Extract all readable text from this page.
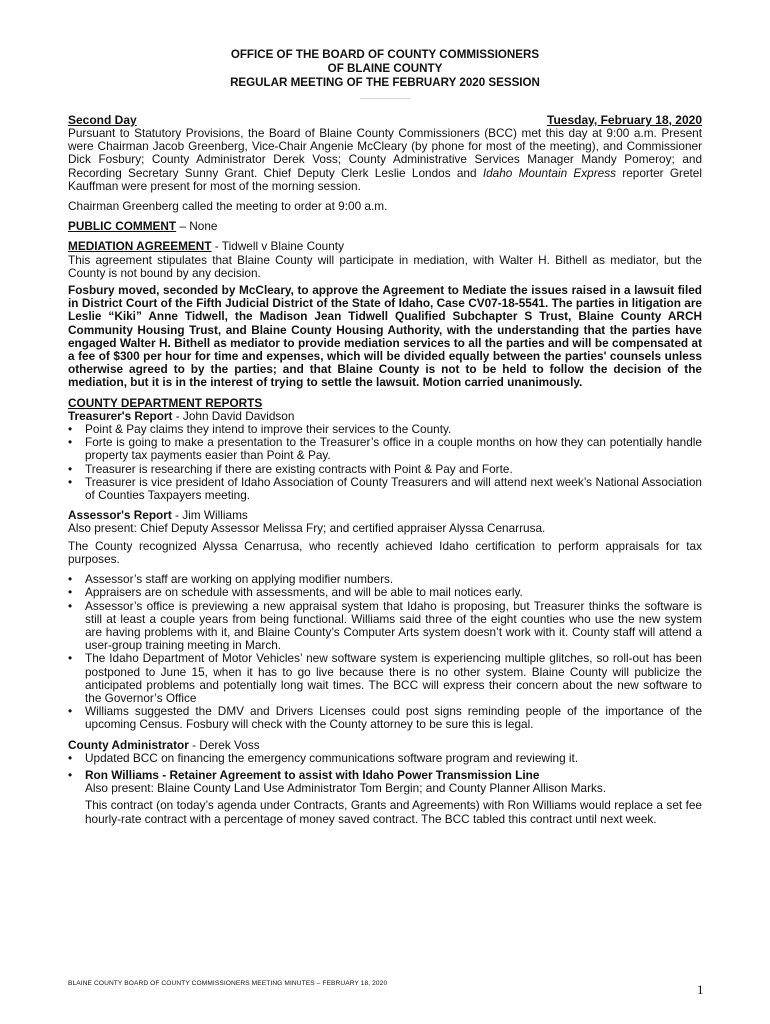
OFFICE OF THE BOARD OF COUNTY COMMISSIONERS
OF BLAINE COUNTY
REGULAR MEETING OF THE FEBRUARY 2020 SESSION
Second Day	Tuesday, February 18, 2020

Pursuant to Statutory Provisions, the Board of Blaine County Commissioners (BCC) met this day at 9:00 a.m. Present were Chairman Jacob Greenberg, Vice-Chair Angenie McCleary (by phone for most of the meeting), and Commissioner Dick Fosbury; County Administrator Derek Voss; County Administrative Services Manager Mandy Pomeroy; and Recording Secretary Sunny Grant. Chief Deputy Clerk Leslie Londos and Idaho Mountain Express reporter Gretel Kauffman were present for most of the morning session.

Chairman Greenberg called the meeting to order at 9:00 a.m.

PUBLIC COMMENT – None

MEDIATION AGREEMENT - Tidwell v Blaine County

This agreement stipulates that Blaine County will participate in mediation, with Walter H. Bithell as mediator, but the County is not bound by any decision.

Fosbury moved, seconded by McCleary, to approve the Agreement to Mediate the issues raised in a lawsuit filed in District Court of the Fifth Judicial District of the State of Idaho, Case CV07-18-5541. The parties in litigation are Leslie “Kiki” Anne Tidwell, the Madison Jean Tidwell Qualified Subchapter S Trust, Blaine County ARCH Community Housing Trust, and Blaine County Housing Authority, with the understanding that the parties have engaged Walter H. Bithell as mediator to provide mediation services to all the parties and will be compensated at a fee of $300 per hour for time and expenses, which will be divided equally between the parties' counsels unless otherwise agreed to by the parties; and that Blaine County is not to be held to follow the decision of the mediation, but it is in the interest of trying to settle the lawsuit. Motion carried unanimously.

COUNTY DEPARTMENT REPORTS

Treasurer's Report - John David Davidson

• Point & Pay claims they intend to improve their services to the County.
• Forte is going to make a presentation to the Treasurer’s office in a couple months on how they can potentially handle property tax payments easier than Point & Pay.
• Treasurer is researching if there are existing contracts with Point & Pay and Forte.
• Treasurer is vice president of Idaho Association of County Treasurers and will attend next week’s National Association of Counties Taxpayers meeting.

Assessor's Report - Jim Williams

Also present: Chief Deputy Assessor Melissa Fry; and certified appraiser Alyssa Cenarrusa.

The County recognized Alyssa Cenarrusa, who recently achieved Idaho certification to perform appraisals for tax purposes.

• Assessor’s staff are working on applying modifier numbers.
• Appraisers are on schedule with assessments, and will be able to mail notices early.
• Assessor’s office is previewing a new appraisal system that Idaho is proposing, but Treasurer thinks the software is still at least a couple years from being functional. Williams said three of the eight counties who use the new system are having problems with it, and Blaine County’s Computer Arts system doesn’t work with it. County staff will attend a user-group training meeting in March.
• The Idaho Department of Motor Vehicles’ new software system is experiencing multiple glitches, so roll-out has been postponed to June 15, when it has to go live because there is no other system. Blaine County will publicize the anticipated problems and potentially long wait times. The BCC will express their concern about the new software to the Governor’s Office
• Williams suggested the DMV and Drivers Licenses could post signs reminding people of the importance of the upcoming Census. Fosbury will check with the County attorney to be sure this is legal.

County Administrator - Derek Voss

• Updated BCC on financing the emergency communications software program and reviewing it.
• Ron Williams - Retainer Agreement to assist with Idaho Power Transmission Line
Also present: Blaine County Land Use Administrator Tom Bergin; and County Planner Allison Marks.
This contract (on today’s agenda under Contracts, Grants and Agreements) with Ron Williams would replace a set fee hourly-rate contract with a percentage of money saved contract. The BCC tabled this contract until next week.
BLAINE COUNTY BOARD OF COUNTY COMMISSIONERS MEETING MINUTES – FEBRUARY 18, 2020	1
